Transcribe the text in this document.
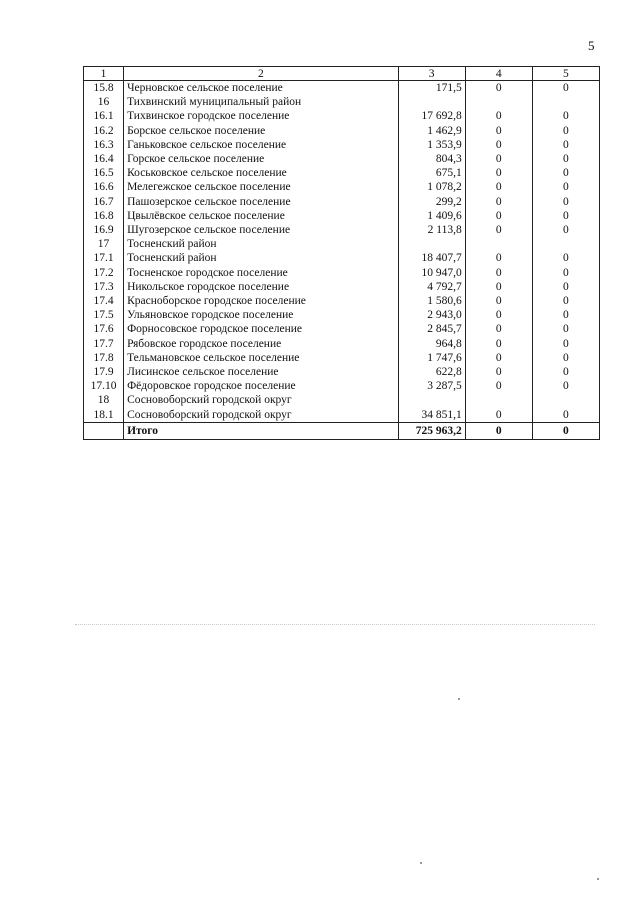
5
1	2	3	4	5
15.8	Черновское сельское поселение	171,5	0	0
16	Тихвинский муниципальный район			
16.1	Тихвинское городское поселение	17 692,8	0	0
16.2	Борское сельское поселение	1 462,9	0	0
16.3	Ганьковское сельское поселение	1 353,9	0	0
16.4	Горское сельское поселение	804,3	0	0
16.5	Коськовское сельское поселение	675,1	0	0
16.6	Мелегежское сельское поселение	1 078,2	0	0
16.7	Пашозерское сельское поселение	299,2	0	0
16.8	Цвылёвское сельское поселение	1 409,6	0	0
16.9	Шугозерское сельское поселение	2 113,8	0	0
17	Тосненский район			
17.1	Тосненский район	18 407,7	0	0
17.2	Тосненское городское поселение	10 947,0	0	0
17.3	Никольское городское поселение	4 792,7	0	0
17.4	Красноборское городское поселение	1 580,6	0	0
17.5	Ульяновское городское поселение	2 943,0	0	0
17.6	Форносовское городское поселение	2 845,7	0	0
17.7	Рябовское городское поселение	964,8	0	0
17.8	Тельмановское сельское поселение	1 747,6	0	0
17.9	Лисинское сельское поселение	622,8	0	0
17.10	Фёдоровское городское поселение	3 287,5	0	0
18	Сосновоборский городской округ			
18.1	Сосновоборский городской округ	34 851,1	0	0
	Итого	725 963,2	0	0
